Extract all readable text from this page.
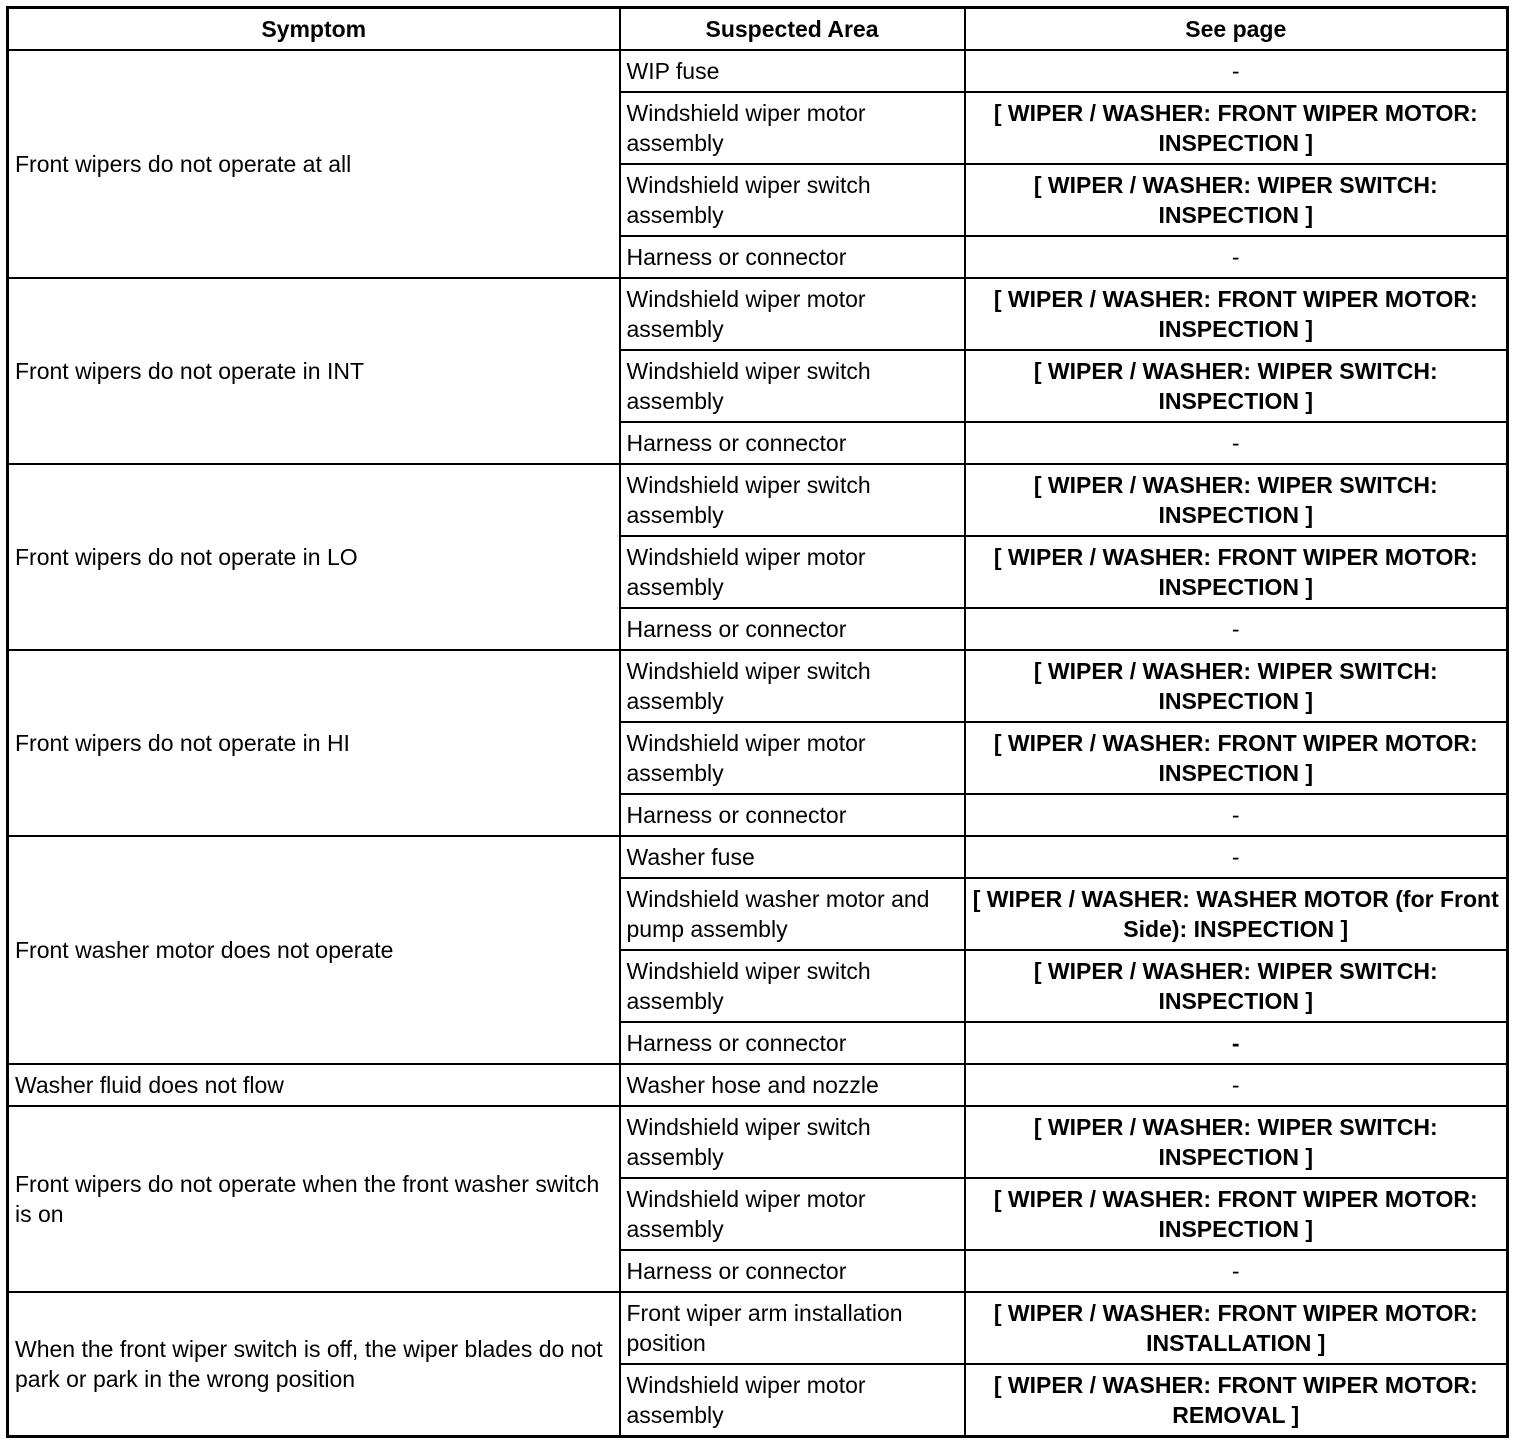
Symptom	Suspected Area	See page
Front wipers do not operate at all	WIP fuse	-
	Windshield wiper motor assembly	[ WIPER / WASHER: FRONT WIPER MOTOR: INSPECTION ]
	Windshield wiper switch assembly	[ WIPER / WASHER: WIPER SWITCH: INSPECTION ]
	Harness or connector	-
Front wipers do not operate in INT	Windshield wiper motor assembly	[ WIPER / WASHER: FRONT WIPER MOTOR: INSPECTION ]
	Windshield wiper switch assembly	[ WIPER / WASHER: WIPER SWITCH: INSPECTION ]
	Harness or connector	-
Front wipers do not operate in LO	Windshield wiper switch assembly	[ WIPER / WASHER: WIPER SWITCH: INSPECTION ]
	Windshield wiper motor assembly	[ WIPER / WASHER: FRONT WIPER MOTOR: INSPECTION ]
	Harness or connector	-
Front wipers do not operate in HI	Windshield wiper switch assembly	[ WIPER / WASHER: WIPER SWITCH: INSPECTION ]
	Windshield wiper motor assembly	[ WIPER / WASHER: FRONT WIPER MOTOR: INSPECTION ]
	Harness or connector	-
Front washer motor does not operate	Washer fuse	-
	Windshield washer motor and pump assembly	[ WIPER / WASHER: WASHER MOTOR (for Front Side): INSPECTION ]
	Windshield wiper switch assembly	[ WIPER / WASHER: WIPER SWITCH: INSPECTION ]
	Harness or connector	-
Washer fluid does not flow	Washer hose and nozzle	-
Front wipers do not operate when the front washer switch is on	Windshield wiper switch assembly	[ WIPER / WASHER: WIPER SWITCH: INSPECTION ]
	Windshield wiper motor assembly	[ WIPER / WASHER: FRONT WIPER MOTOR: INSPECTION ]
	Harness or connector	-
When the front wiper switch is off, the wiper blades do not park or park in the wrong position	Front wiper arm installation position	[ WIPER / WASHER: FRONT WIPER MOTOR: INSTALLATION ]
	Windshield wiper motor assembly	[ WIPER / WASHER: FRONT WIPER MOTOR: REMOVAL ]
